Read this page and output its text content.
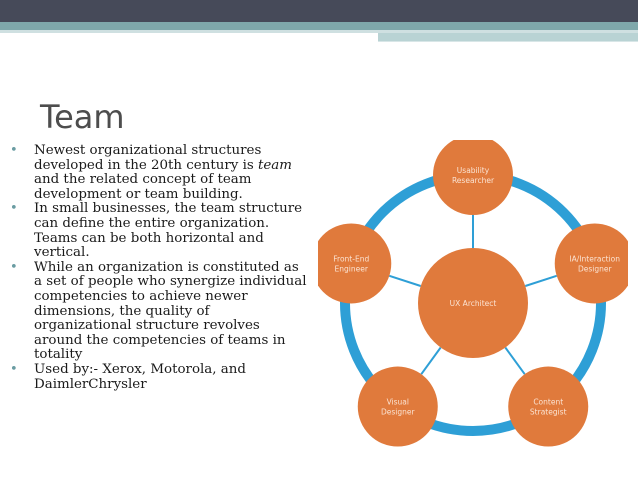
Team
• Newest organizational structures developed in the 20th century is team and the related concept of team development or team building.
• In small businesses, the team structure can define the entire organization. Teams can be both horizontal and vertical.
• While an organization is constituted as a set of people who synergize individual competencies to achieve newer dimensions, the quality of organizational structure revolves around the competencies of teams in totality
• Used by:- Xerox, Motorola, and DaimlerChrysler
UX Architect
Usability
Researcher
IA/Interaction
Designer
Content
Strategist
Visual
Designer
Front-End
Engineer
